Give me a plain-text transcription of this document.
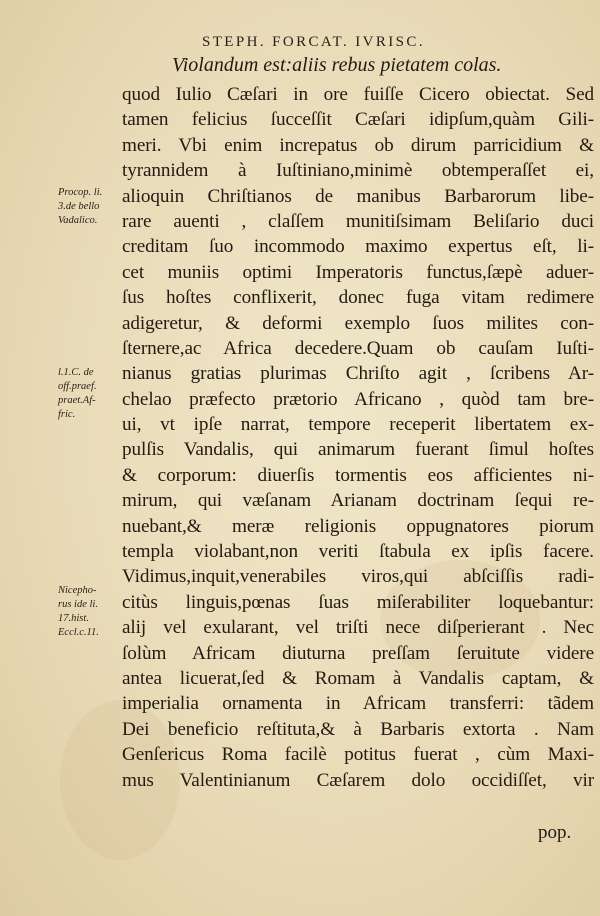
STEPH. FORCAT. IVRISC.
Violandum est:aliis rebus pietatem colas.
quod Iulio Cæſari in ore fuiſſe Cicero obiectat. Sed
tamen felicius ſucceſſit Cæſari idipſum,quàm Gili-
meri. Vbi enim increpatus ob dirum parricidium &
tyrannidem à Iuſtiniano,minimè obtemperaſſet ei,
alioquin Chriſtianos de manibus Barbarorum libe-
rare auenti , claſſem munitiſsimam Beliſario duci
creditam ſuo incommodo maximo expertus eſt, li-
cet muniis optimi Imperatoris functus,ſæpè aduer-
ſus hoſtes conflixerit, donec fuga vitam redimere
adigeretur, & deformi exemplo ſuos milites con-
ſternere,ac Africa decedere.Quam ob cauſam Iuſti-
nianus gratias plurimas Chriſto agit , ſcribens Ar-
chelao præfecto prætorio Africano , quòd tam bre-
ui, vt ipſe narrat, tempore receperit libertatem ex-
pulſis Vandalis, qui animarum fuerant ſimul hoſtes
& corporum: diuerſis tormentis eos afficientes ni-
mirum, qui væſanam Arianam doctrinam ſequi re-
nuebant,& meræ religionis oppugnatores piorum
templa violabant,non veriti ſtabula ex ipſis facere.
Vidimus,inquit,venerabiles viros,qui abſciſſis radi-
citùs linguis,pœnas ſuas miſerabiliter loquebantur:
alij vel exularant, vel triſti nece diſperierant . Nec
ſolùm Africam diuturna preſſam ſeruitute videre
antea licuerat,ſed & Romam à Vandalis captam, &
imperialia ornamenta in Africam transferri: tãdem
Dei beneficio reſtituta,& à Barbaris extorta . Nam
Genſericus Roma facilè potitus fuerat , cùm Maxi-
mus Valentinianum Cæſarem dolo occidiſſet, vir
Procop. li.
3.de bello
Vadalico.
l.1.C. de
off.praef.
praet.Af-
fric.
Nicepho-
rus ide li.
17.hist.
Eccl.c.11.
pop.
